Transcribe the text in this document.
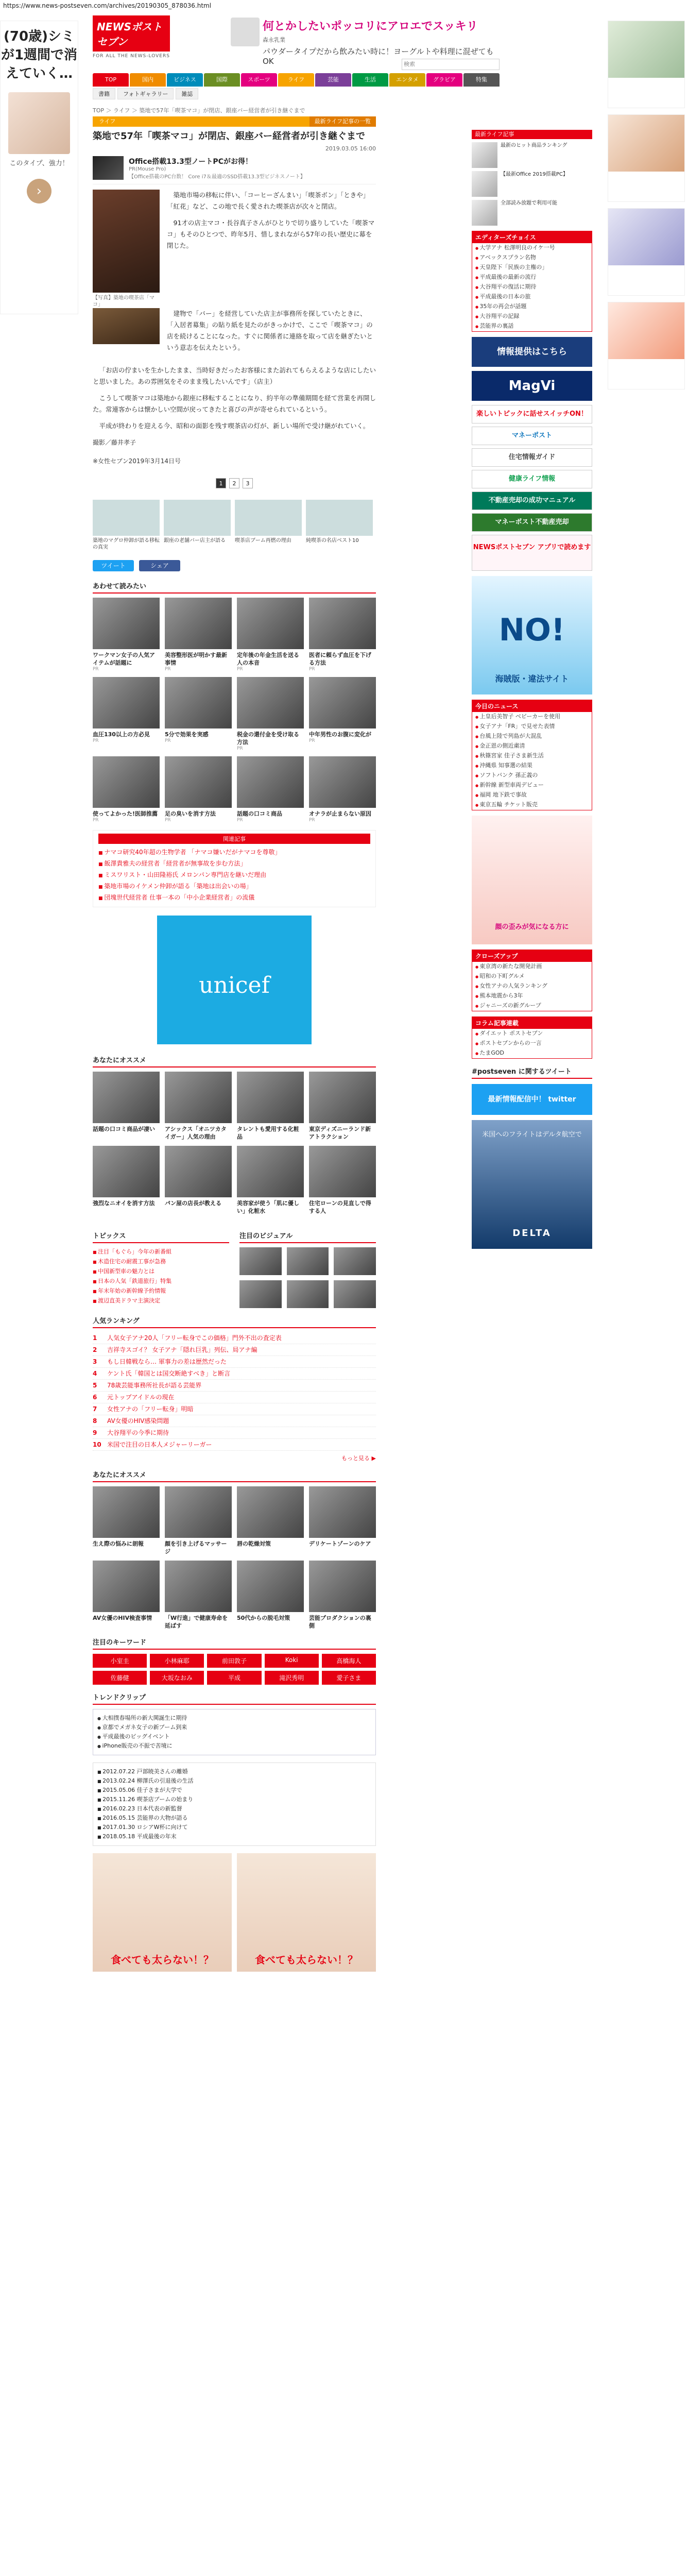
https://www.news-postseven.com/archives/20190305_878036.html
(70歳)シミが1週間で消えていく…
このタイプ、強力！
›
NEWSポストセブン
FOR ALL THE NEWS-LOVERS
何とかしたいポッコリにアロエでスッキリ
森永乳業
パウダータイプだから飲みたい時に！ヨーグルトや料理に混ぜてもOK
検索
TOP	国内	ビジネス	国際	スポーツ	ライフ	芸能	生活	エンタメ	グラビア	特集
書籍	フォトギャラリー	雑誌
TOP ＞ ライフ ＞ 築地で57年「喫茶マコ」が閉店、銀座バー経営者が引き継ぐまで
ライフ	最新ライフ記事の一覧
築地で57年「喫茶マコ」が閉店、銀座バー経営者が引き継ぐまで
2019.03.05 16:00
Office搭載13.3型ノートPCがお得！
PR(Mouse Pro)
【Office搭載のPC台数！ Core i7＆最適のSSD搭載13.3型ビジネスノート】
【写真】築地の喫茶店「マコ」

築地市場の移転に伴い、「コーヒーざんまい」「喫茶ボン」「ときや」「紅花」など、この地で長く愛された喫茶店が次々と閉店。

91才の店主マコ・長谷真子さんがひとりで切り盛りしていた「喫茶マコ」もそのひとつで、昨年5月、惜しまれながら57年の長い歴史に幕を閉じた。

建物で「バー」を経営していた店主が事務所を探していたときに、「入居者募集」の貼り紙を見たのがきっかけで、ここで「喫茶マコ」の店を続けることになった。すぐに関係者に連絡を取って店を継ぎたいという意志を伝えたという。

「お店の佇まいを生かしたまま、当時好きだったお客様にまた訪れてもらえるような店にしたいと思いました。あの雰囲気をそのまま残したいんです」（店主）

こうして喫茶マコは築地から銀座に移転することになり、約半年の準備期間を経て営業を再開した。常連客からは懐かしい空間が戻ってきたと喜びの声が寄せられているという。

平成が終わりを迎える今、昭和の面影を残す喫茶店の灯が、新しい場所で受け継がれていく。

撮影／藤井孝子
※女性セブン2019年3月14日号
1	2	3
築地のマグロ仲卸が語る移転の真実
銀座の老舗バー店主が語る	喫茶店ブーム再燃の理由	純喫茶の名店ベスト10
ツイート	シェア
あわせて読みたい
ワークマン女子の人気アイテムが話題に
PR
美容整形医が明かす最新事情
PR
定年後の年金生活を送る人の本音
PR
医者に頼らず血圧を下げる方法
PR
血圧130以上の方必見
PR
5分で効果を実感
PR
税金の還付金を受け取る方法
PR
中年男性のお腹に変化が
PR
使ってよかった!医師推薦
PR
足の臭いを消す方法
PR
話題の口コミ商品
PR
オナラが止まらない原因
PR
関連記事
■ ナマコ研究40年超の生物学者 「ナマコ嫌いだがナマコを尊敬」
■ 飯澤貴雅夫の経営者「経営者が無事故を歩む方法」
■ ミスワリスト・山田隆裕氏 メロンパン専門店を継いだ理由
■ 築地市場のイケメン仲卸が語る「築地は出会いの場」
■ 団塊世代経営者 仕事一本の「中小企業経営者」の流儀
unicef
あなたにオススメ
話題の口コミ商品が凄い	アシックス「オニツカタイガー」人気の理由
タレントも愛用する化粧品
東京ディズニーランド新アトラクション
強烈なニオイを消す方法	パン屋の店長が教える	美容家が使う「肌に優しい」化粧水
住宅ローンの見直しで得する人
トピックス
■ 注目「もぐら」今年の新番組
■ 木造住宅の耐震工事が急務
■ 中国新型車の魅力とは
■ 日本の人気「鉄道旅行」特集
■ 年末年始の新幹線予約情報
■ 渡辺直美ドラマ主演決定
注目のビジュアル
人気ランキング
1 人気女子アナ20人「フリー転身でこの価格」門外不出の査定表
2 吉祥寺スゴイ？ 女子アナ「隠れ巨乳」列伝、局アナ編
3 もし日韓戦なら… 軍事力の差は歴然だった
4 ケント氏「韓国とは国交断絶すべき」と断言
5 78歳芸能事務所社長が語る芸能界
6 元トップアイドルの現在
7 女性アナの「フリー転身」明暗
8 AV女優のHIV感染問題
9 大谷翔平の今季に期待
10 米国で注目の日本人メジャーリーガー
もっと見る ▶
あなたにオススメ
生え際の悩みに朗報	顔を引き上げるマッサージ
唇の乾燥対策	デリケートゾーンのケア
AV女優のHIV検査事情	「W行進」で健康寿命を延ばす
50代からの脱毛対策	芸能プロダクションの裏側
注目のキーワード
小室圭	小林麻耶	前田敦子	Koki	高橋海人
佐藤健	大坂なおみ	平成	滝沢秀明	愛子さま
トレンドクリップ
● 大相撲春場所の新大関誕生に期待
● 京都でメガネ女子の新ブーム到来
● 平成最後のビッグイベント
● iPhone販売の不振で苦境に
■ 2012.07.22 戸部暁美さんの離婚
■ 2013.02.24 柳澤氏の引退後の生活
■ 2015.05.06 佳子さまが大学で
■ 2015.11.26 喫茶店ブームの始まり
■ 2016.02.23 日本代表の新監督
■ 2016.05.15 芸能界の大物が語る
■ 2017.01.30 ロシアW杯に向けて
■ 2018.05.18 平成最後の年末
食べても太らない！？	食べても太らない！？
最新ライフ記事
最新のヒット商品ランキング
【最新Office 2019搭載PC】
全部読み放題で利用可能
エディターズチョイス
● 大学アナ 松澤明良のイケ一号
● アベックスプラン名物
● 天皇陛下「民族の主権の」
● 平成最後の最新の流行
● 大谷翔平の復活に期待
● 平成最後の日本の旅
● 35年の再会が話題
● 大谷翔平の記録
● 芸能界の裏話
情報提供はこちら
MagVi
楽しいトピックに話せスイッチON！
マネーポスト
住宅情報ガイド
健康ライフ情報
不動産売却の成功マニュアル
マネーポスト不動産売却
NEWSポストセブン アプリで読めます
NO!
海賊版・違法サイト
今日のニュース
● 上皇后美智子 ベビーカーを使用
● 女子アナ「FR」で見せた表情
● 台風上陸で列島が大混乱
● 金正恩の側近粛清
● 秋篠宮家 佳子さま新生活
● 沖縄県 知事選の結果
● ソフトバンク 孫正義の
● 新幹線 新型車両デビュー
● 福岡 地下鉄で事故
● 東京五輪 チケット販売
顔の歪みが気になる方に
クローズアップ
● 東京湾の新たな開発計画
● 昭和の下町グルメ
● 女性アナの人気ランキング
● 熊本地震から3年
● ジャニーズの新グループ
コラム記事連載
● ダイエット ポストセブン
● ポストセブンからの一言
● たまGOD
#postseven に関するツイート
最新情報配信中！ twitter
米国へのフライトはデルタ航空で
DELTA
